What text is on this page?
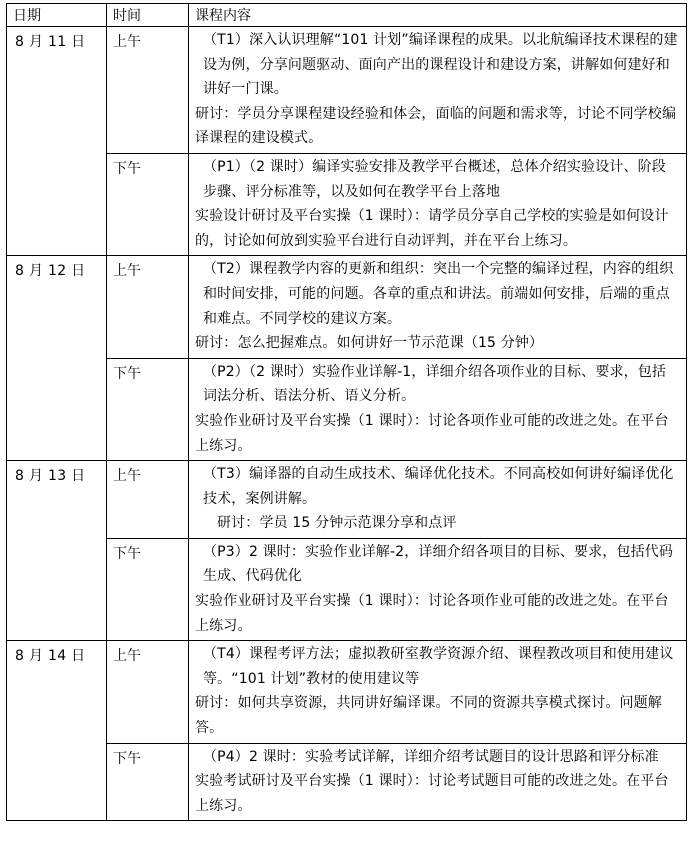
日期	时间	课程内容
8 月 11 日	上午	（T1）深入认识理解“101 计划”编译课程的成果。以北航编译技术课程的建设为例，分享问题驱动、面向产出的课程设计和建设方案，讲解如何建好和讲好一门课。
研讨：学员分享课程建设经验和体会，面临的问题和需求等，讨论不同学校编译课程的建设模式。

	下午	（P1）（2 课时）编译实验安排及教学平台概述，总体介绍实验设计、阶段步骤、评分标准等，以及如何在教学平台上落地
实验设计研讨及平台实操（1 课时）：请学员分享自己学校的实验是如何设计的，讨论如何放到实验平台进行自动评判，并在平台上练习。

8 月 12 日	上午	（T2）课程教学内容的更新和组织：突出一个完整的编译过程，内容的组织和时间安排，可能的问题。各章的重点和讲法。前端如何安排，后端的重点和难点。不同学校的建议方案。
研讨：怎么把握难点。如何讲好一节示范课（15 分钟）

	下午	（P2）（2 课时）实验作业详解-1，详细介绍各项作业的目标、要求，包括词法分析、语法分析、语义分析。
实验作业研讨及平台实操（1 课时）：讨论各项作业可能的改进之处。在平台上练习。

8 月 13 日	上午	（T3）编译器的自动生成技术、编译优化技术。不同高校如何讲好编译优化技术，案例讲解。
研讨：学员 15 分钟示范课分享和点评

	下午	（P3）2 课时：实验作业详解-2，详细介绍各项目的目标、要求，包括代码生成、代码优化
实验作业研讨及平台实操（1 课时）：讨论各项作业可能的改进之处。在平台上练习。

8 月 14 日	上午	（T4）课程考评方法；虚拟教研室教学资源介绍、课程教改项目和使用建议等。“101 计划”教材的使用建议等
研讨：如何共享资源，共同讲好编译课。不同的资源共享模式探讨。问题解答。

	下午	（P4）2 课时：实验考试详解，详细介绍考试题目的设计思路和评分标准
实验考试研讨及平台实操（1 课时）：讨论考试题目可能的改进之处。在平台上练习。
